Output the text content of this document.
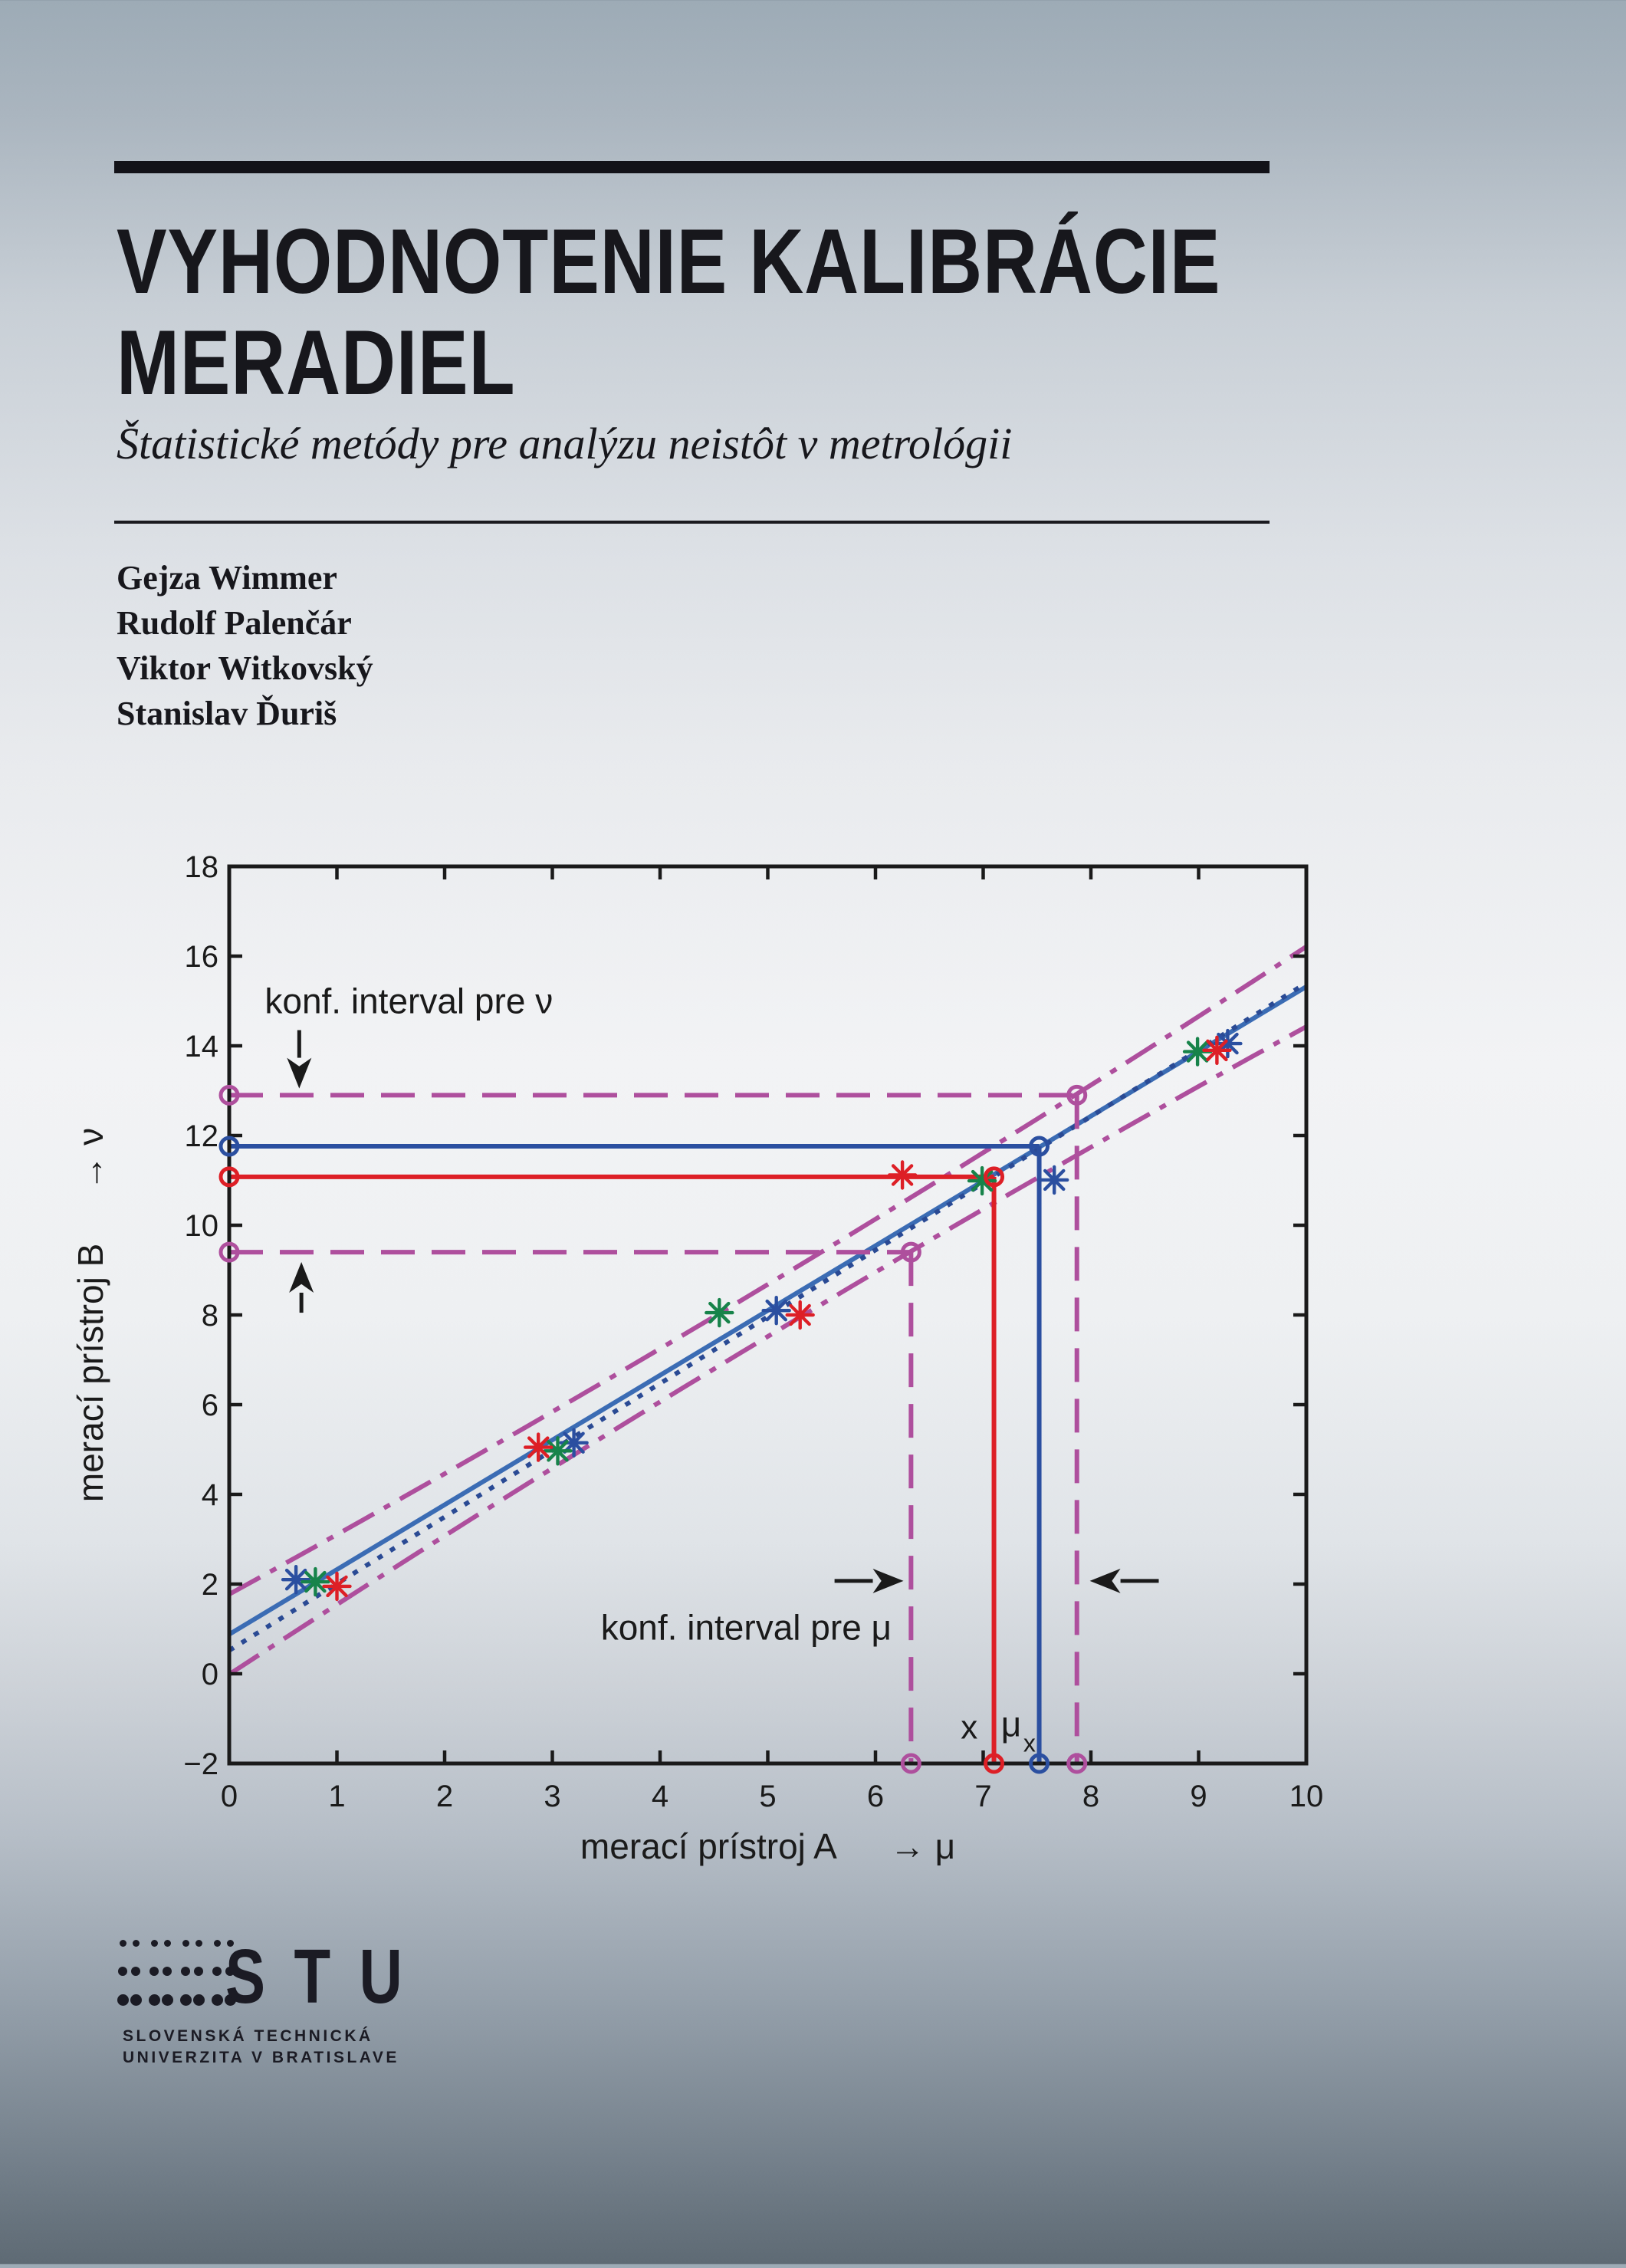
VYHODNOTENIE KALIBRÁCIE
MERADIEL
Štatistické metódy pre analýzu neistôt v metrológii
Gejza Wimmer
Rudolf Palenčár
Viktor Witkovský
Stanislav Ďuriš
0	1	2	3	4	5	6	7	8	9	10
−2
0
2
4
6
8
10
12
14
16
18
merací prístroj A  → μ
merací prístroj B  → ν
konf. interval pre ν
konf. interval pre μ
x μ x
STU
SLOVENSKÁ TECHNICKÁ
UNIVERZITA V BRATISLAVE
